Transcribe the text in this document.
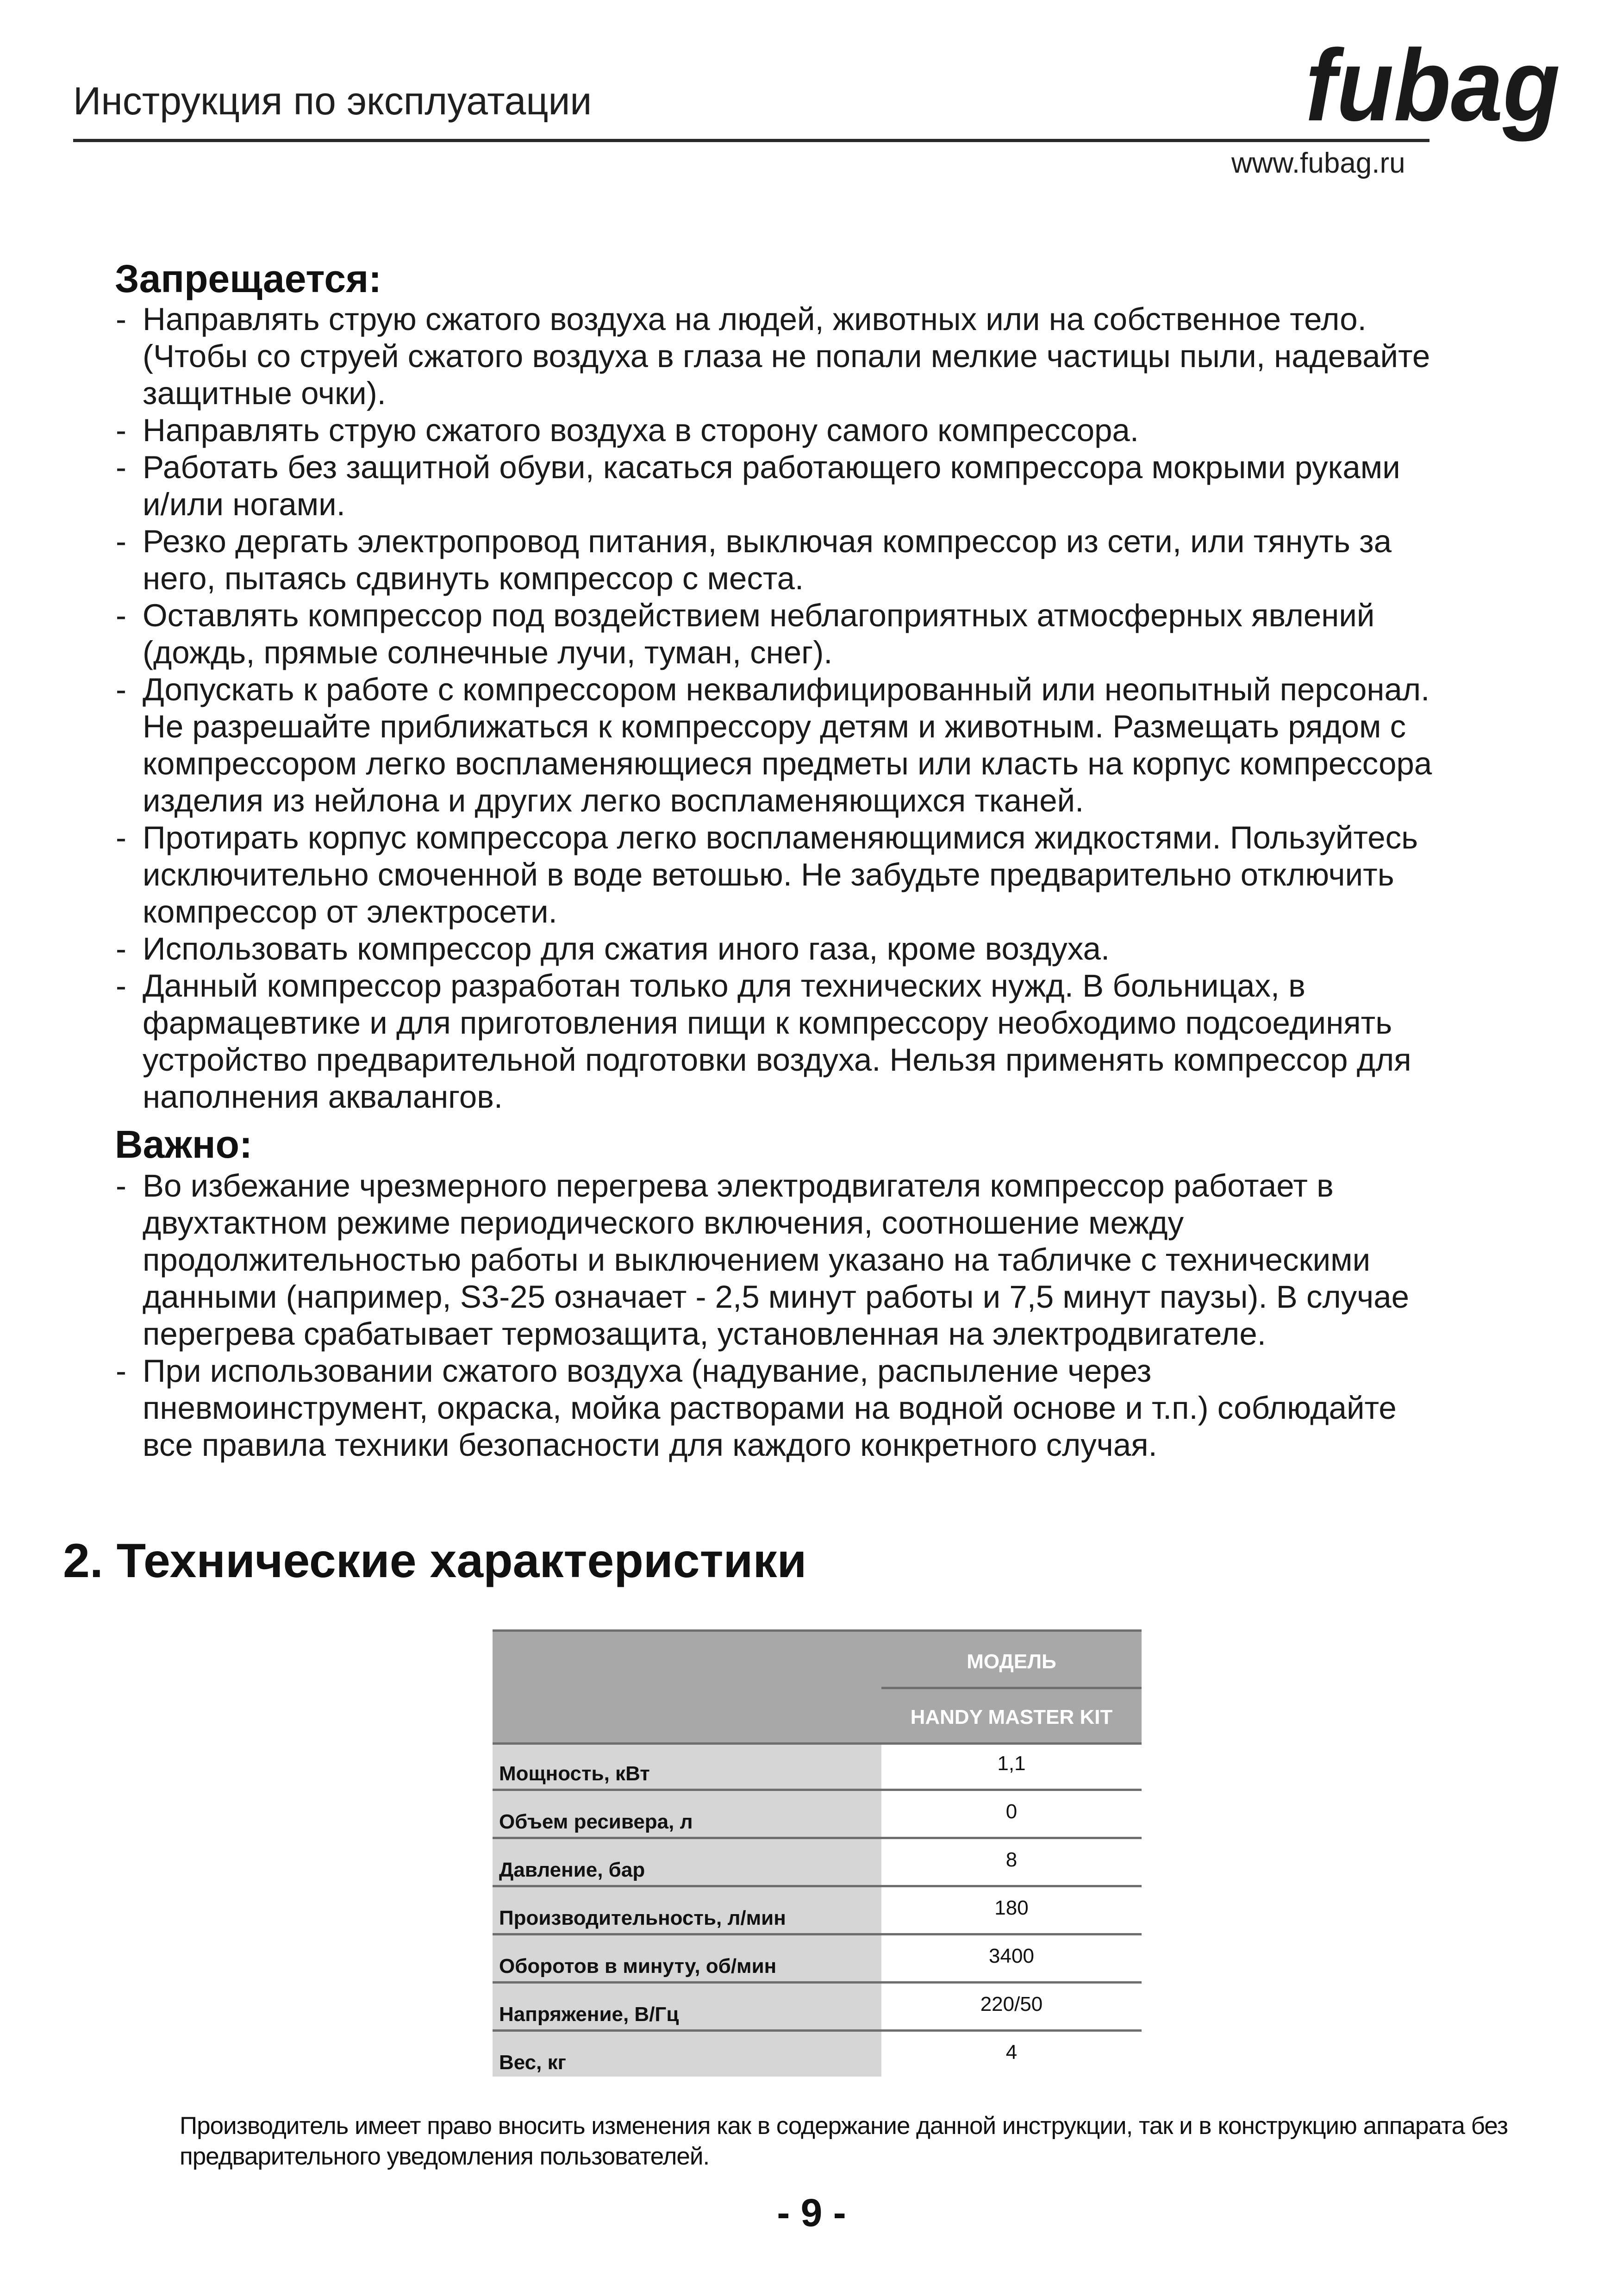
Инструкция по эксплуатации	fubag
www.fubag.ru
Запрещается:
- Направлять струю сжатого воздуха на людей, животных или на собственное тело.
(Чтобы со струей сжатого воздуха в глаза не попали мелкие частицы пыли, надевайте
защитные очки).
- Направлять струю сжатого воздуха в сторону самого компрессора.
- Работать без защитной обуви, касаться работающего компрессора мокрыми руками
и/или ногами.
- Резко дергать электропровод питания, выключая компрессор из сети, или тянуть за
него, пытаясь сдвинуть компрессор с места.
- Оставлять компрессор под воздействием неблагоприятных атмосферных явлений
(дождь, прямые солнечные лучи, туман, снег).
- Допускать к работе с компрессором неквалифицированный или неопытный персонал.
Не разрешайте приближаться к компрессору детям и животным. Размещать рядом с
компрессором легко воспламеняющиеся предметы или класть на корпус компрессора
изделия из нейлона и других легко воспламеняющихся тканей.
- Протирать корпус компрессора легко воспламеняющимися жидкостями. Пользуйтесь
исключительно смоченной в воде ветошью. Не забудьте предварительно отключить
компрессор от электросети.
- Использовать компрессор для сжатия иного газа, кроме воздуха.
- Данный компрессор разработан только для технических нужд. В больницах, в
фармацевтике и для приготовления пищи к компрессору необходимо подсоединять
устройство предварительной подготовки воздуха. Нельзя применять компрессор для
наполнения аквалангов.
Важно:
- Во избежание чрезмерного перегрева электродвигателя компрессор работает в
двухтактном режиме периодического включения, соотношение между
продолжительностью работы и выключением указано на табличке с техническими
данными (например, S3-25 означает - 2,5 минут работы и 7,5 минут паузы). В случае
перегрева срабатывает термозащита, установленная на электродвигателе.
- При использовании сжатого воздуха (надувание, распыление через
пневмоинструмент, окраска, мойка растворами на водной основе и т.п.) соблюдайте
все правила техники безопасности для каждого конкретного случая.
2. Технические характеристики
МОДЕЛЬ
HANDY MASTER KIT
Мощность, кВт	1,1
Объем ресивера, л	0
Давление, бар	8
Производительность, л/мин	180
Оборотов в минуту, об/мин	3400
Напряжение, В/Гц	220/50
Вес, кг	4
Производитель имеет право вносить изменения как в содержание данной инструкции, так и в конструкцию аппарата без предварительного уведомления пользователей.
- 9 -
